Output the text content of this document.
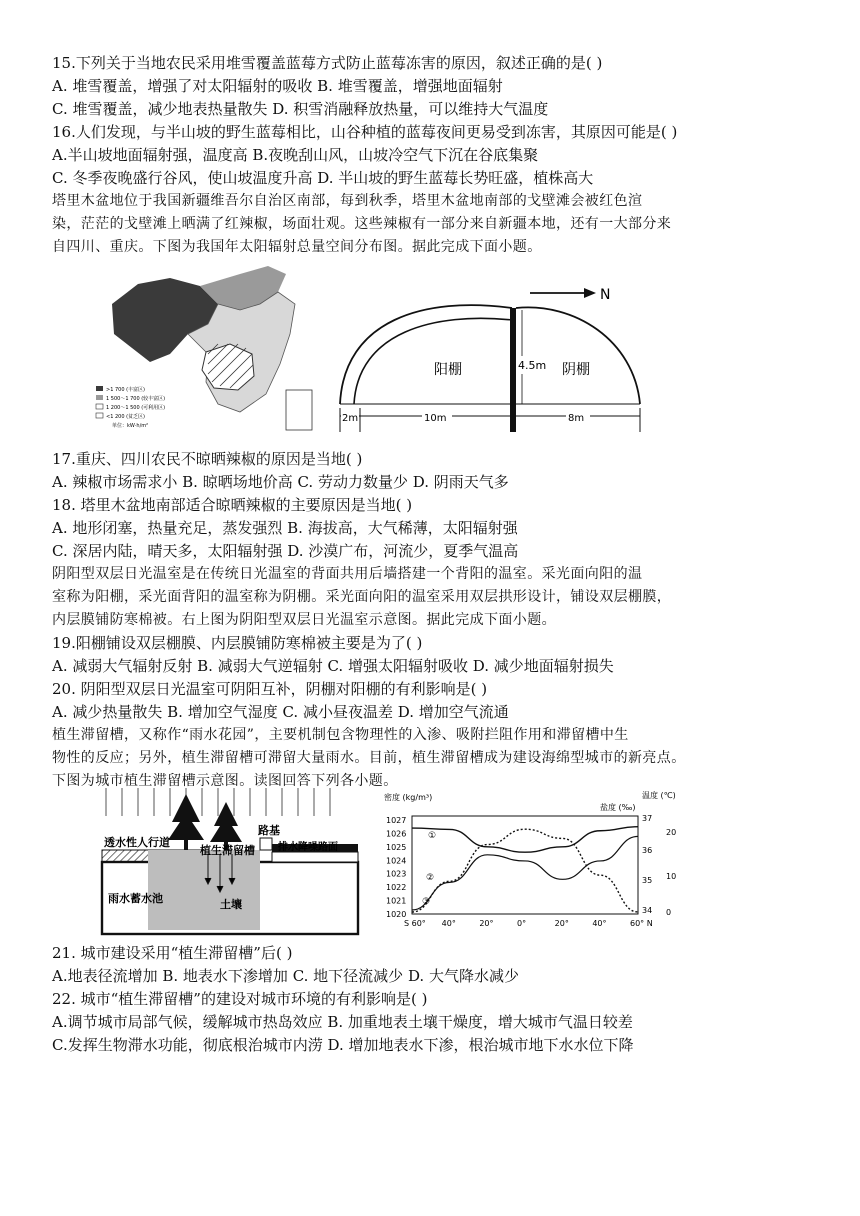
15.下列关于当地农民采用堆雪覆盖蓝莓方式防止蓝莓冻害的原因，叙述正确的是( )
A. 堆雪覆盖，增强了对太阳辐射的吸收 B. 堆雪覆盖，增强地面辐射
C. 堆雪覆盖，减少地表热量散失 D. 积雪消融释放热量，可以维持大气温度
16.人们发现，与半山坡的野生蓝莓相比，山谷种植的蓝莓夜间更易受到冻害，其原因可能是( )
A.半山坡地面辐射强，温度高 B.夜晚刮山风，山坡冷空气下沉在谷底集聚
C. 冬季夜晚盛行谷风，使山坡温度升高 D. 半山坡的野生蓝莓长势旺盛，植株高大
塔里木盆地位于我国新疆维吾尔自治区南部，每到秋季，塔里木盆地南部的戈壁滩会被红色渲
染，茫茫的戈壁滩上晒满了红辣椒，场面壮观。这些辣椒有一部分来自新疆本地，还有一大部分来
自四川、重庆。下图为我国年太阳辐射总量空间分布图。据此完成下面小题。
>1 700 (丰富区)
1 500～1 700 (较丰富区)
1 200～1 500 (可利用区)
<1 200 (贫乏区)
单位：kW·h/m²
N
阳棚	阴棚
4.5m
2m	10m	8m
17.重庆、四川农民不晾晒辣椒的原因是当地( )
A. 辣椒市场需求小 B. 晾晒场地价高 C. 劳动力数量少 D. 阴雨天气多
18. 塔里木盆地南部适合晾晒辣椒的主要原因是当地( )
A. 地形闭塞，热量充足，蒸发强烈 B. 海拔高，大气稀薄，太阳辐射强
C. 深居内陆，晴天多，太阳辐射强 D. 沙漠广布，河流少，夏季气温高
阴阳型双层日光温室是在传统日光温室的背面共用后墙搭建一个背阳的温室。采光面向阳的温
室称为阳棚，采光面背阳的温室称为阴棚。采光面向阳的温室采用双层拱形设计，铺设双层棚膜，
内层膜铺防寒棉被。右上图为阴阳型双层日光温室示意图。据此完成下面小题。
19.阳棚铺设双层棚膜、内层膜铺防寒棉被主要是为了( )
A. 减弱大气辐射反射 B. 减弱大气逆辐射 C. 增强太阳辐射吸收 D. 减少地面辐射损失
20. 阴阳型双层日光温室可阴阳互补，阴棚对阳棚的有利影响是( )
A. 减少热量散失 B. 增加空气湿度 C. 减小昼夜温差 D. 增加空气流通
植生滞留槽，又称作“雨水花园”，主要机制包含物理性的入渗、吸附拦阻作用和滞留槽中生
物性的反应；另外，植生滞留槽可滞留大量雨水。目前，植生滞留槽成为建设海绵型城市的新亮点。
下图为城市植生滞留槽示意图。读图回答下列各小题。
透水性人行道
植生滞留槽
路基
排水降噪路面
雨水蓄水池	土壤
密度 (kg/m³)	温度 (℃)
盐度 (‰)
S 60° 40°	20°	0°	20°	40°	60° N
1027
1026
1025
1024
1023
1022
1021
1020
20
10
0
37
36
35
34
①
②
③
21. 城市建设采用“植生滞留槽”后( )
A.地表径流增加 B. 地表水下渗增加 C. 地下径流减少 D. 大气降水减少
22. 城市“植生滞留槽”的建设对城市环境的有利影响是( )
A.调节城市局部气候，缓解城市热岛效应 B. 加重地表土壤干燥度，增大城市气温日较差
C.发挥生物滞水功能，彻底根治城市内涝 D. 增加地表水下渗，根治城市地下水水位下降
